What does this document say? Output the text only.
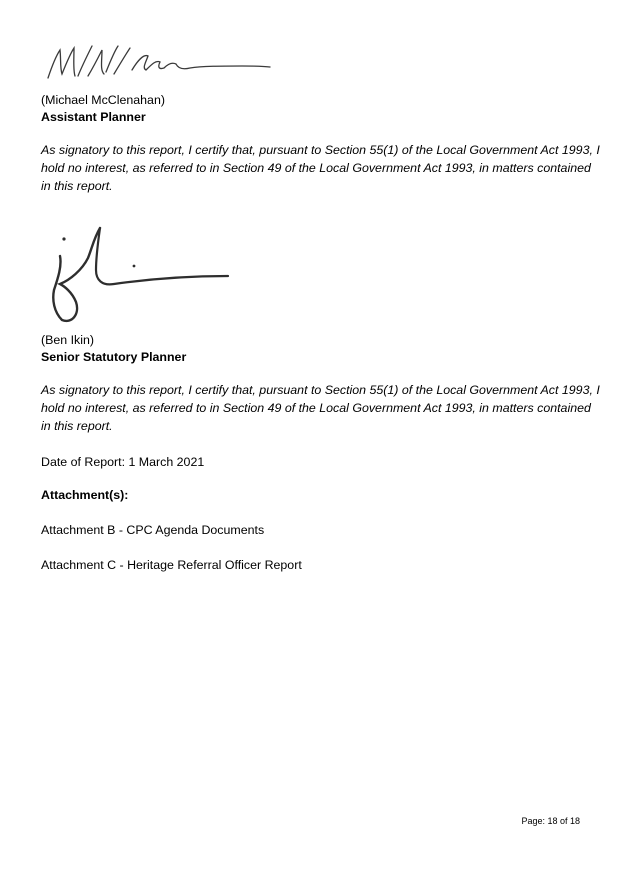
(Michael McClenahan)
Assistant Planner
As signatory to this report, I certify that, pursuant to Section 55(1) of the Local Government Act 1993, I hold no interest, as referred to in Section 49 of the Local Government Act 1993, in matters contained in this report.
(Ben Ikin)
Senior Statutory Planner
As signatory to this report, I certify that, pursuant to Section 55(1) of the Local Government Act 1993, I hold no interest, as referred to in Section 49 of the Local Government Act 1993, in matters contained in this report.
Date of Report: 1 March 2021
Attachment(s):
Attachment B - CPC Agenda Documents
Attachment C - Heritage Referral Officer Report
Page: 18 of 18
